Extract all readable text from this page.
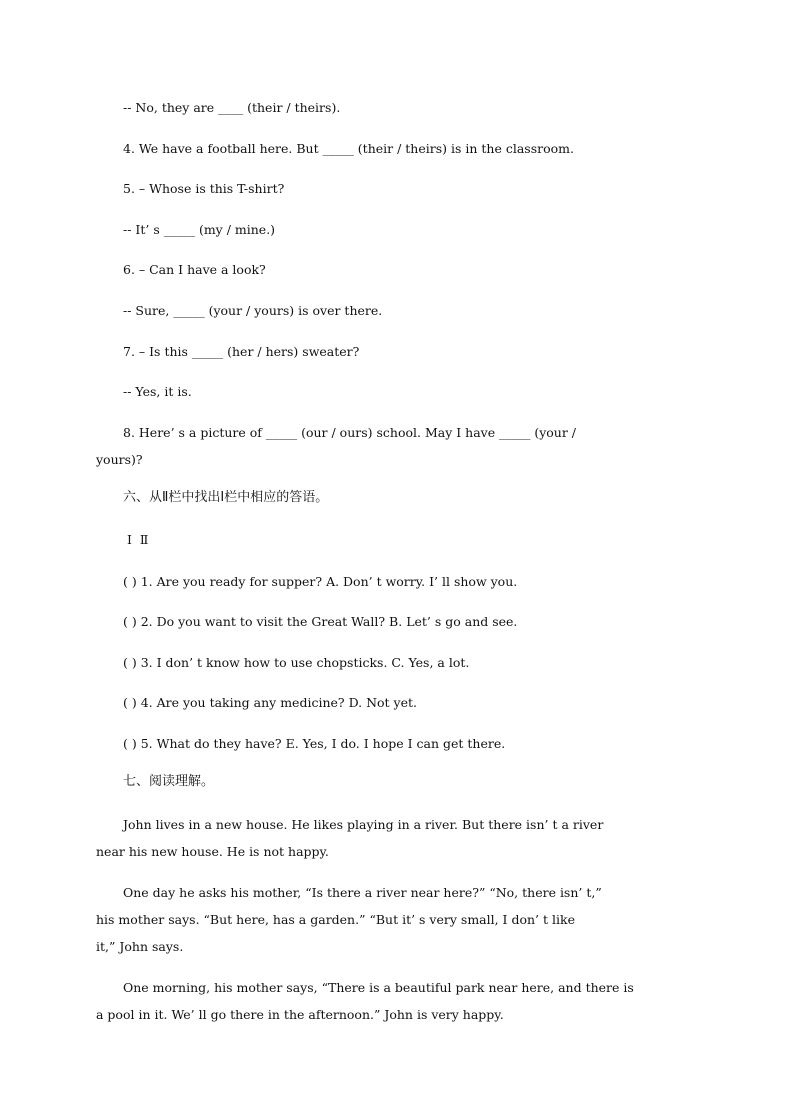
-- No, they are ____ (their / theirs).
4. We have a football here. But _____ (their / theirs) is in the classroom.
5. – Whose is this T-shirt?
-- It’ s _____ (my / mine.)
6. – Can I have a look?
-- Sure, _____ (your / yours) is over there.
7. – Is this _____ (her / hers) sweater?
-- Yes, it is.
8. Here’ s a picture of _____ (our / ours) school. May I have _____ (your /
yours)?
六、从Ⅱ栏中找出Ⅰ栏中相应的答语。
Ⅰ  Ⅱ
( ) 1. Are you ready for supper? A. Don’ t worry. I’ ll show you.
( ) 2. Do you want to visit the Great Wall? B. Let’ s go and see.
( ) 3. I don’ t know how to use chopsticks. C. Yes, a lot.
( ) 4. Are you taking any medicine? D. Not yet.
( ) 5. What do they have? E. Yes, I do. I hope I can get there.
七、阅读理解。
John lives in a new house. He likes playing in a river. But there isn’ t a river
near his new house. He is not happy.
One day he asks his mother, “Is there a river near here?” “No, there isn’ t,”
his mother says. “But here, has a garden.” “But it’ s very small, I don’ t like
it,” John says.
One morning, his mother says, “There is a beautiful park near here, and there is
a pool in it. We’ ll go there in the afternoon.” John is very happy.
